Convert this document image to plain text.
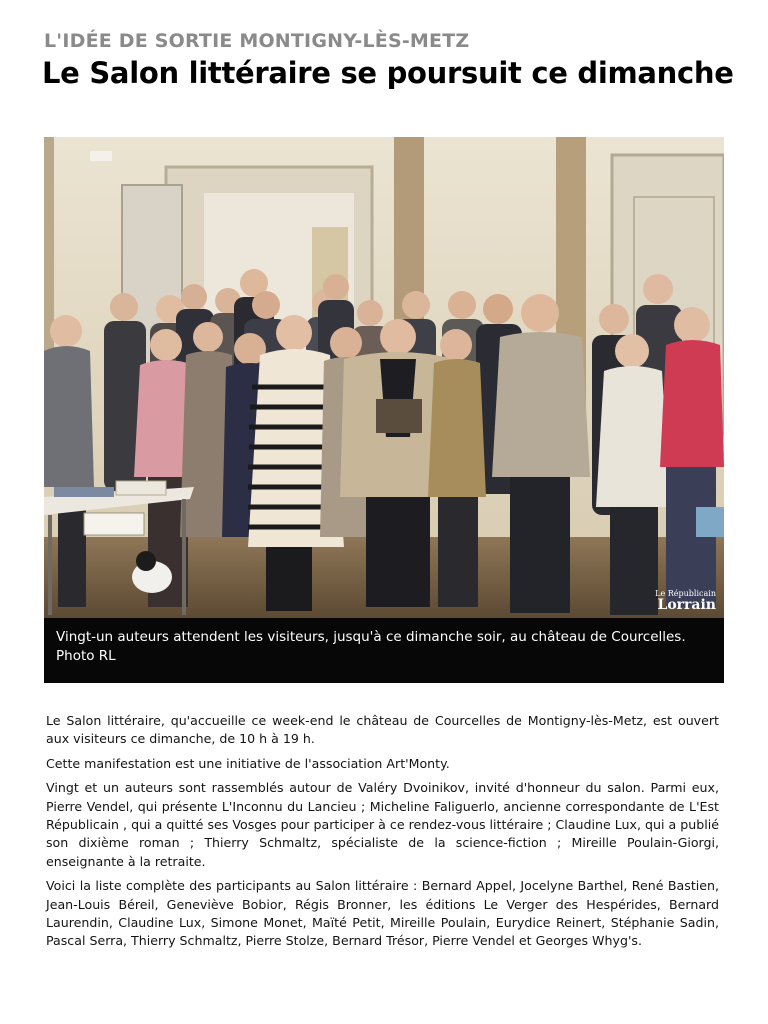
L'IDÉE DE SORTIE MONTIGNY-LÈS-METZ
Le Salon littéraire se poursuit ce dimanche
Le Républicain
Lorrain
Vingt-un auteurs attendent les visiteurs, jusqu'à ce dimanche soir, au château de Courcelles. Photo RL

Le Salon littéraire, qu'accueille ce week-end le château de Courcelles de Montigny-lès-Metz, est ouvert aux visiteurs ce dimanche, de 10 h à 19 h.

Cette manifestation est une initiative de l'association Art'Monty.

Vingt et un auteurs sont rassemblés autour de Valéry Dvoinikov, invité d'honneur du salon. Parmi eux, Pierre Vendel, qui présente L'Inconnu du Lancieu ; Micheline Faliguerlo, ancienne correspondante de L'Est Républicain , qui a quitté ses Vosges pour participer à ce rendez-vous littéraire ; Claudine Lux, qui a publié son dixième roman ; Thierry Schmaltz, spécialiste de la science-fiction ; Mireille Poulain-Giorgi, enseignante à la retraite.

Voici la liste complète des participants au Salon littéraire : Bernard Appel, Jocelyne Barthel, René Bastien, Jean-Louis Béreil, Geneviève Bobior, Régis Bronner, les éditions Le Verger des Hespérides, Bernard Laurendin, Claudine Lux, Simone Monet, Maïté Petit, Mireille Poulain, Eurydice Reinert, Stéphanie Sadin, Pascal Serra, Thierry Schmaltz, Pierre Stolze, Bernard Trésor, Pierre Vendel et Georges Whyg's.
